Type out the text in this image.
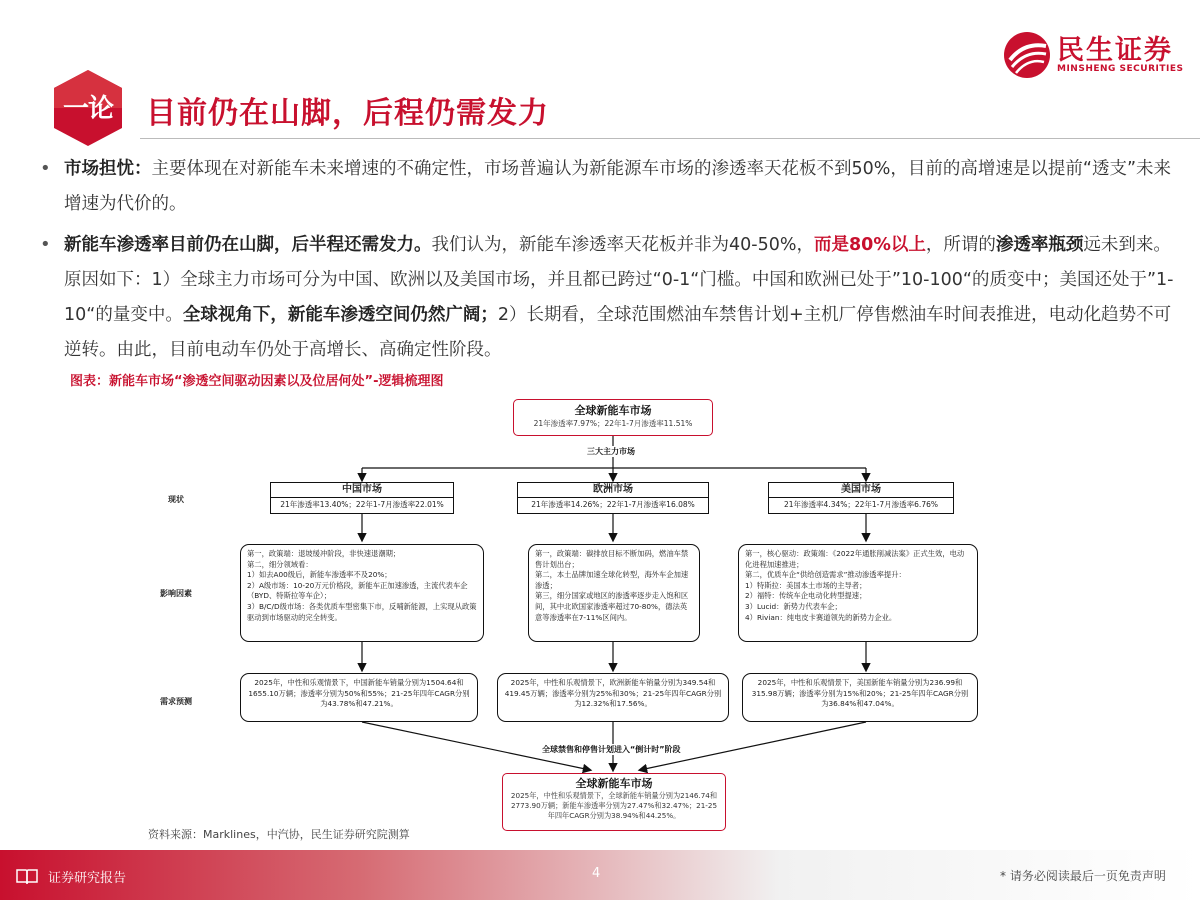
一论	目前仍在山脚，后程仍需发力
民生证券
MINSHENG SECURITIES
• 市场担忧：主要体现在对新能车未来增速的不确定性，市场普遍认为新能源车市场的渗透率天花板不到50%，目前的高增速是以提前“透支”未来增速为代价的。
• 新能车渗透率目前仍在山脚，后半程还需发力。我们认为，新能车渗透率天花板并非为40-50%，而是80%以上，所谓的渗透率瓶颈远未到来。原因如下：1）全球主力市场可分为中国、欧洲以及美国市场，并且都已跨过“0-1“门槛。中国和欧洲已处于”10-100“的质变中；美国还处于”1-10“的量变中。全球视角下，新能车渗透空间仍然广阔；2）长期看，全球范围燃油车禁售计划+主机厂停售燃油车时间表推进，电动化趋势不可逆转。由此，目前电动车仍处于高增长、高确定性阶段。
图表：新能车市场“渗透空间驱动因素以及位居何处”-逻辑梳理图
全球新能车市场
21年渗透率7.97%；22年1-7月渗透率11.51%
三大主力市场
现状
影响因素
需求预测
中国市场
21年渗透率13.40%；22年1-7月渗透率22.01%
欧洲市场
21年渗透率14.26%；22年1-7月渗透率16.08%
美国市场
21年渗透率4.34%；22年1-7月渗透率6.76%
第一，政策端：退坡缓冲阶段，非快速退潮期；
第二，细分领域看：
1）如去A00级后，新能车渗透率不及20%；
2）A级市场：10-20万元价格段，新能车正加速渗透，主流代表车企（BYD、特斯拉等车企）；
3）B/C/D级市场：各类优质车型密集下市，反哺新能源，上实现从政策驱动到市场驱动的完全转变。
第一，政策端：碳排放目标不断加码，燃油车禁售计划出台；
第二，本土品牌加速全球化转型，海外车企加速渗透；
第三，细分国家或地区的渗透率逐步走入饱和区间，其中北欧国家渗透率超过70-80%，德法英意等渗透率在7-11%区间内。
第一，核心驱动：政策端：《2022年通胀削减法案》正式生效，电动化进程加速推进；
第二，优质车企“供给创造需求”推动渗透率提升：
1）特斯拉：美国本土市场的主导者；
2）福特：传统车企电动化转型提速；
3）Lucid：新势力代表车企；
4）Rivian：纯电皮卡赛道领先的新势力企业。
2025年，中性和乐观情景下，中国新能车销量分别为1504.64和1655.10万辆；渗透率分别为50%和55%；21-25年四年CAGR分别为43.78%和47.21%。
2025年，中性和乐观情景下，欧洲新能车销量分别为349.54和419.45万辆；渗透率分别为25%和30%；21-25年四年CAGR分别为12.32%和17.56%。
2025年，中性和乐观情景下，美国新能车销量分别为236.99和315.98万辆；渗透率分别为15%和20%；21-25年四年CAGR分别为36.84%和47.04%。
全球禁售和停售计划进入“倒计时”阶段
全球新能车市场
2025年，中性和乐观情景下，全球新能车销量分别为2146.74和2773.90万辆；新能车渗透率分别为27.47%和32.47%；21-25年四年CAGR分别为38.94%和44.25%。
资料来源：Marklines，中汽协，民生证券研究院测算
证券研究报告	4	* 请务必阅读最后一页免责声明
